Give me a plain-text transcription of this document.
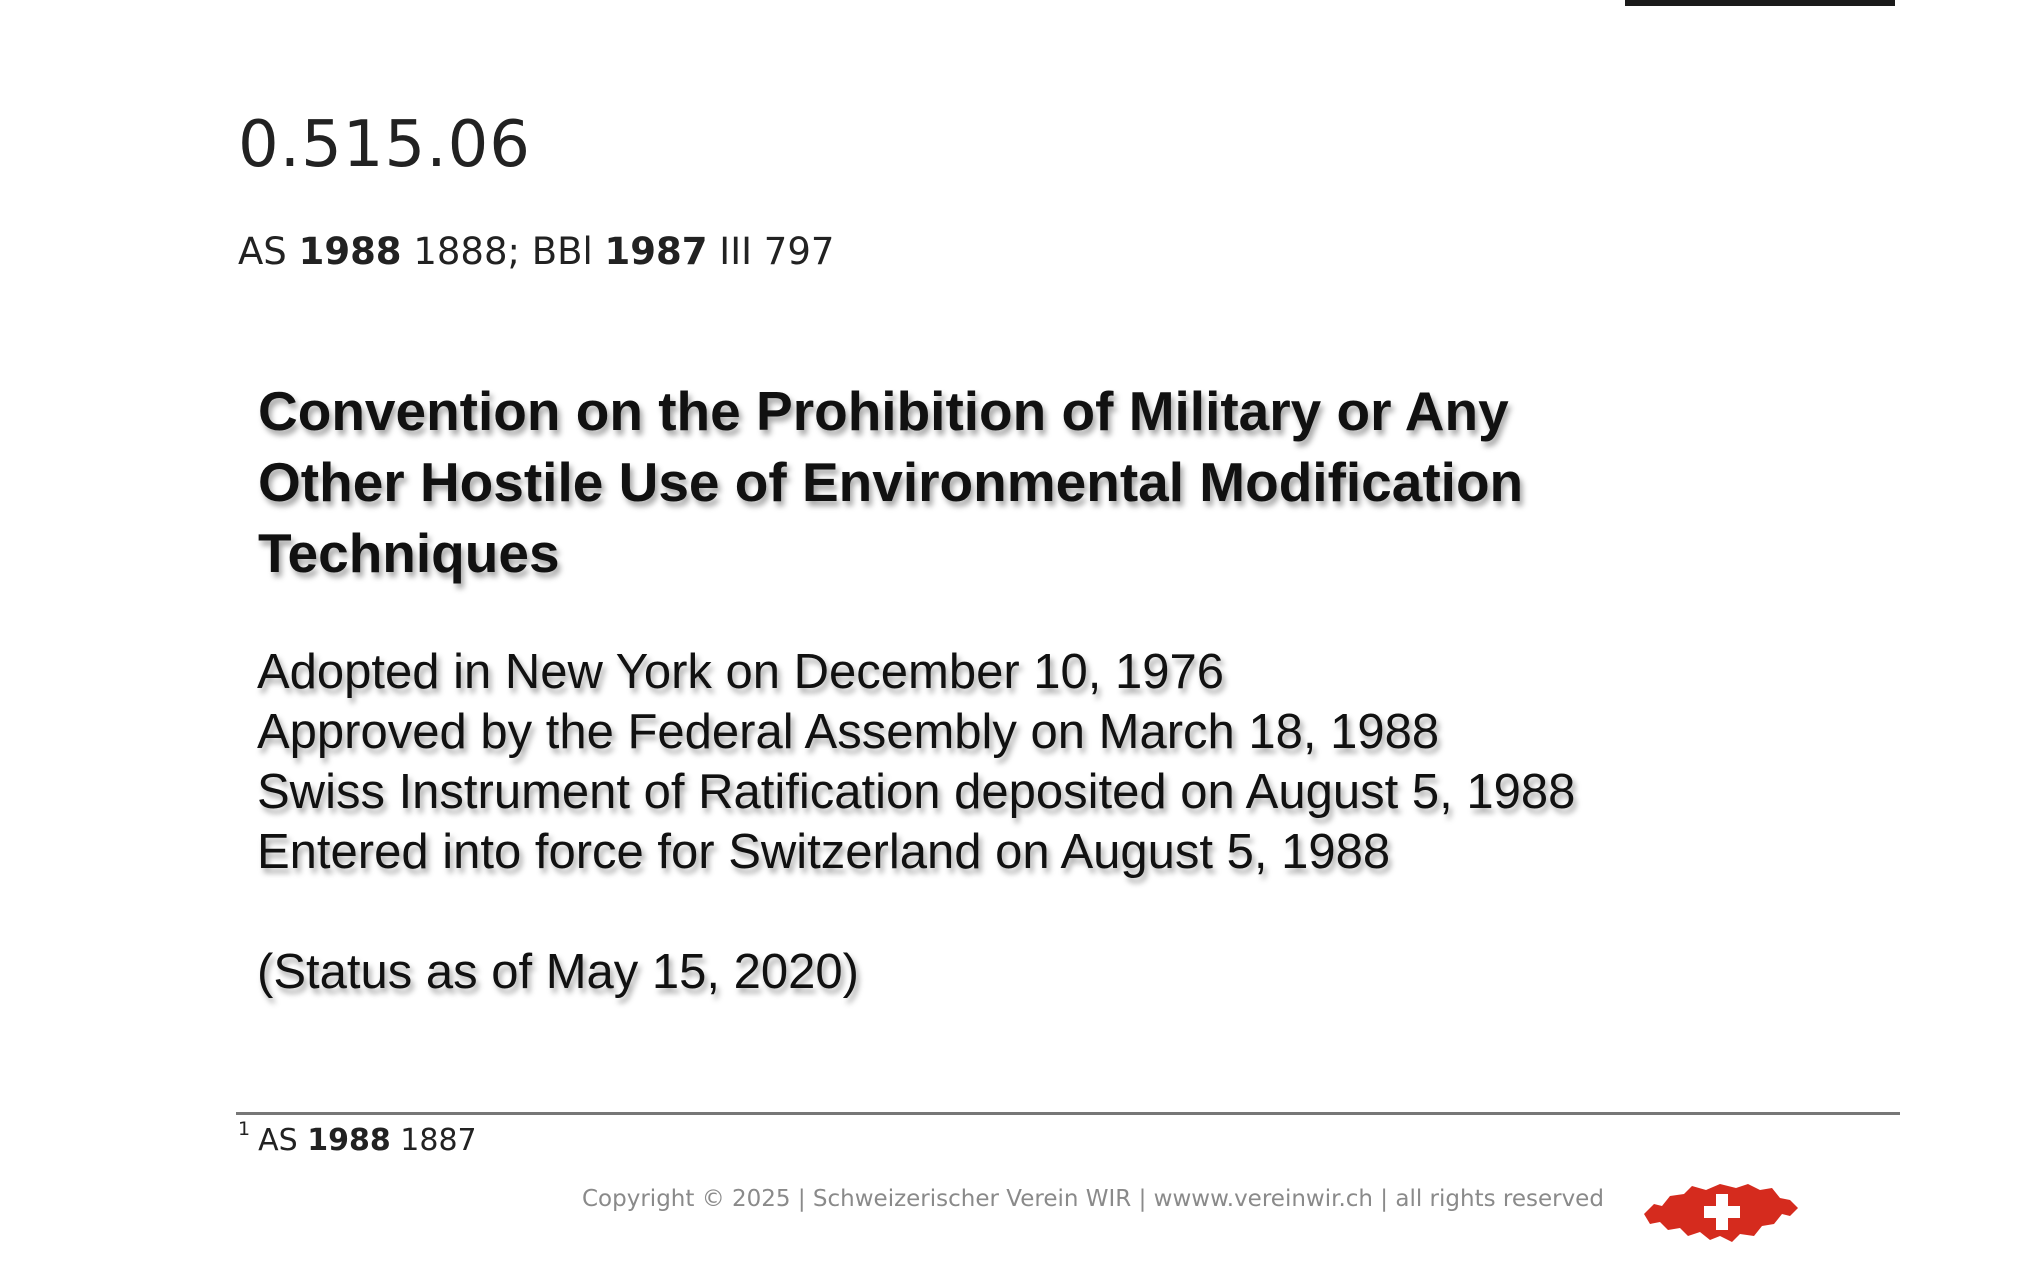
0.515.06

AS 1988 1888; BBl 1987 III 797

Convention on the Prohibition of Military or Any
Other Hostile Use of Environmental Modification
Techniques
Adopted in New York on December 10, 1976
Approved by the Federal Assembly on March 18, 1988
Swiss Instrument of Ratification deposited on August 5, 1988
Entered into force for Switzerland on August 5, 1988

(Status as of May 15, 2020)

$^1$ AS 1988 1887
Copyright © 2025 | Schweizerischer Verein WIR | wwww.vereinwir.ch | all rights reserved
